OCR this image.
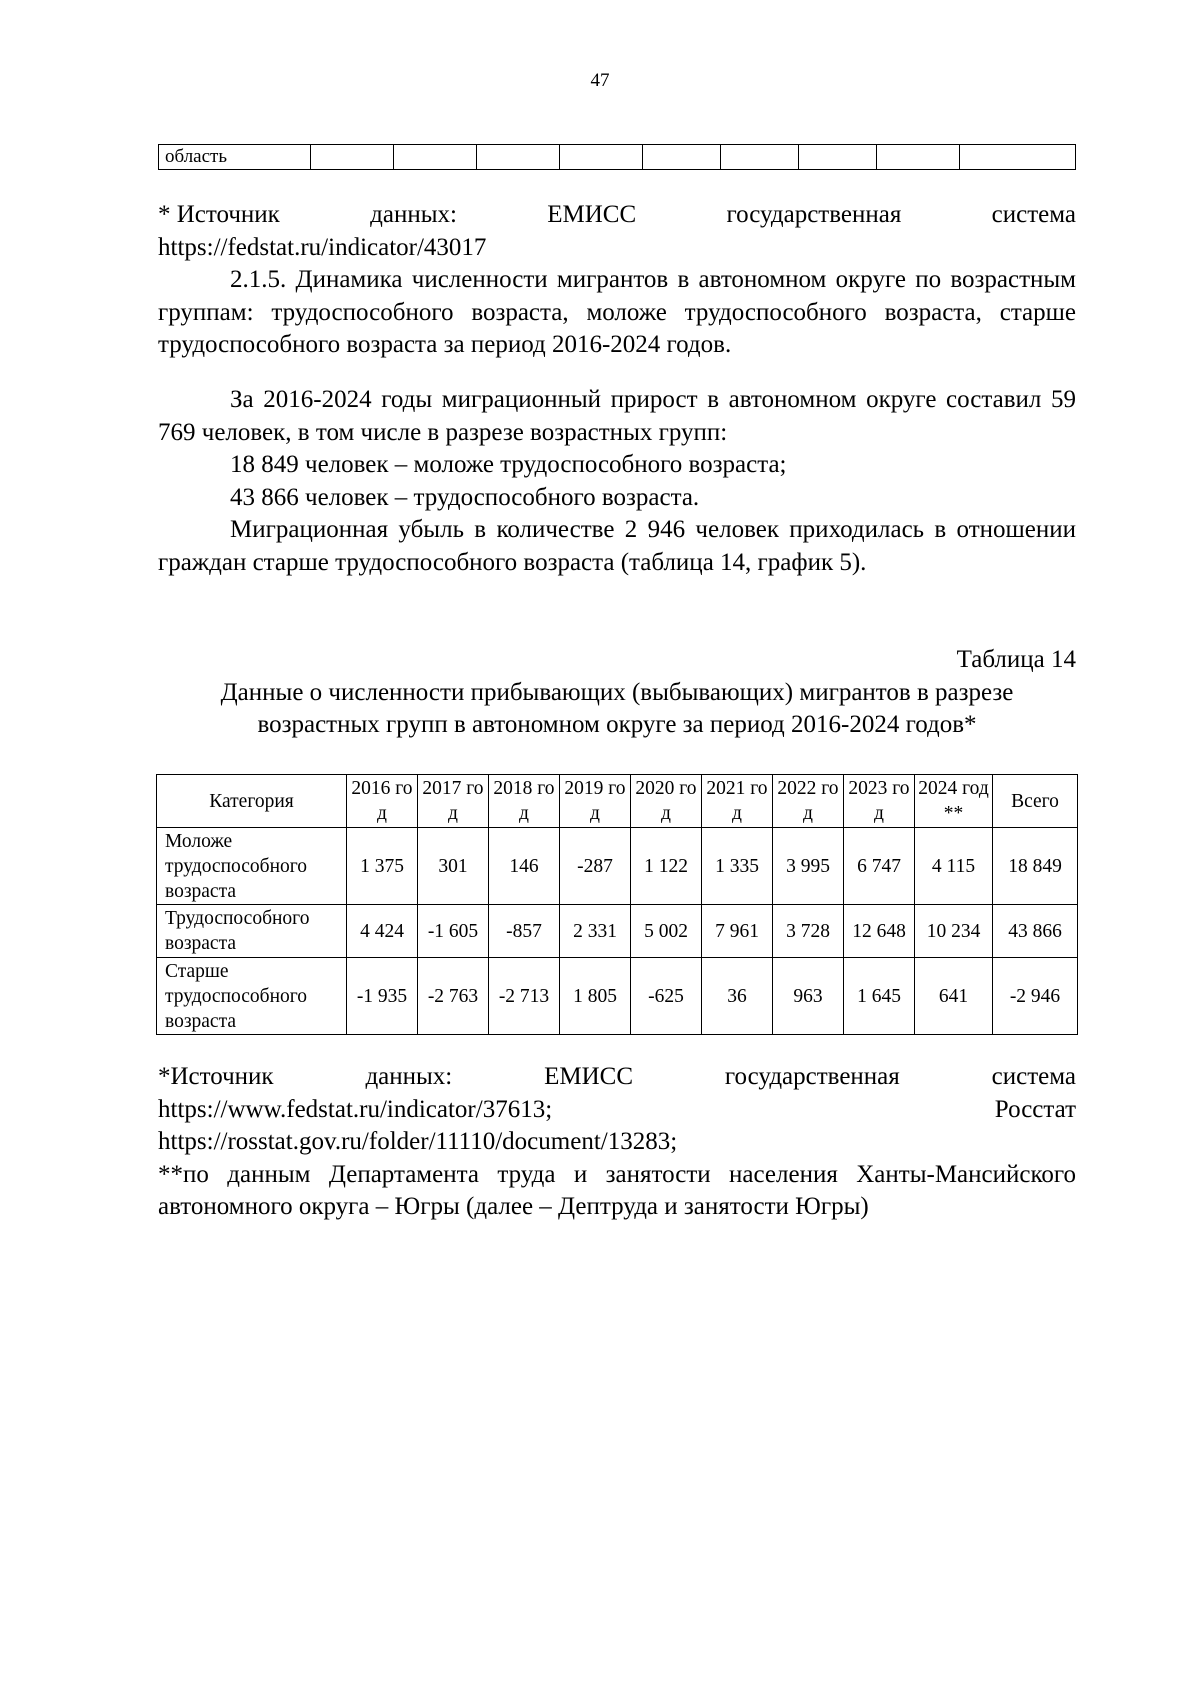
47
область									
* Источник	данных:	ЕМИСС	государственная	система
https://fedstat.ru/indicator/43017

2.1.5. Динамика численности мигрантов в автономном округе по возрастным группам: трудоспособного возраста, моложе трудоспособного возраста, старше трудоспособного возраста за период 2016-2024 годов.

За 2016-2024 годы миграционный прирост в автономном округе составил 59 769 человек, в том числе в разрезе возрастных групп:

18 849 человек – моложе трудоспособного возраста;

43 866 человек – трудоспособного возраста.

Миграционная убыль в количестве 2 946 человек приходилась в отношении граждан старше трудоспособного возраста (таблица 14, график 5).

Таблица 14
Данные о численности прибывающих (выбывающих) мигрантов в разрезе возрастных групп в автономном округе за период 2016-2024 годов*
Категория	2016 год	2017 год	2018 год	2019 год	2020 год	2021 год	2022 год	2023 год	2024 год**	Всего
Моложе трудоспособного возраста	1 375	301	146	-287	1 122	1 335	3 995	6 747	4 115	18 849
Трудоспособного возраста	4 424	-1 605	-857	2 331	5 002	7 961	3 728	12 648	10 234	43 866
Старше трудоспособного возраста	-1 935	-2 763	-2 713	1 805	-625	36	963	1 645	641	-2 946
*Источник	данных:	ЕМИСС	государственная	система
https://www.fedstat.ru/indicator/37613;	Росстат
https://rosstat.gov.ru/folder/11110/document/13283;

**по данным Департамента труда и занятости населения Ханты-Мансийского автономного округа – Югры (далее – Дептруда и занятости Югры)
